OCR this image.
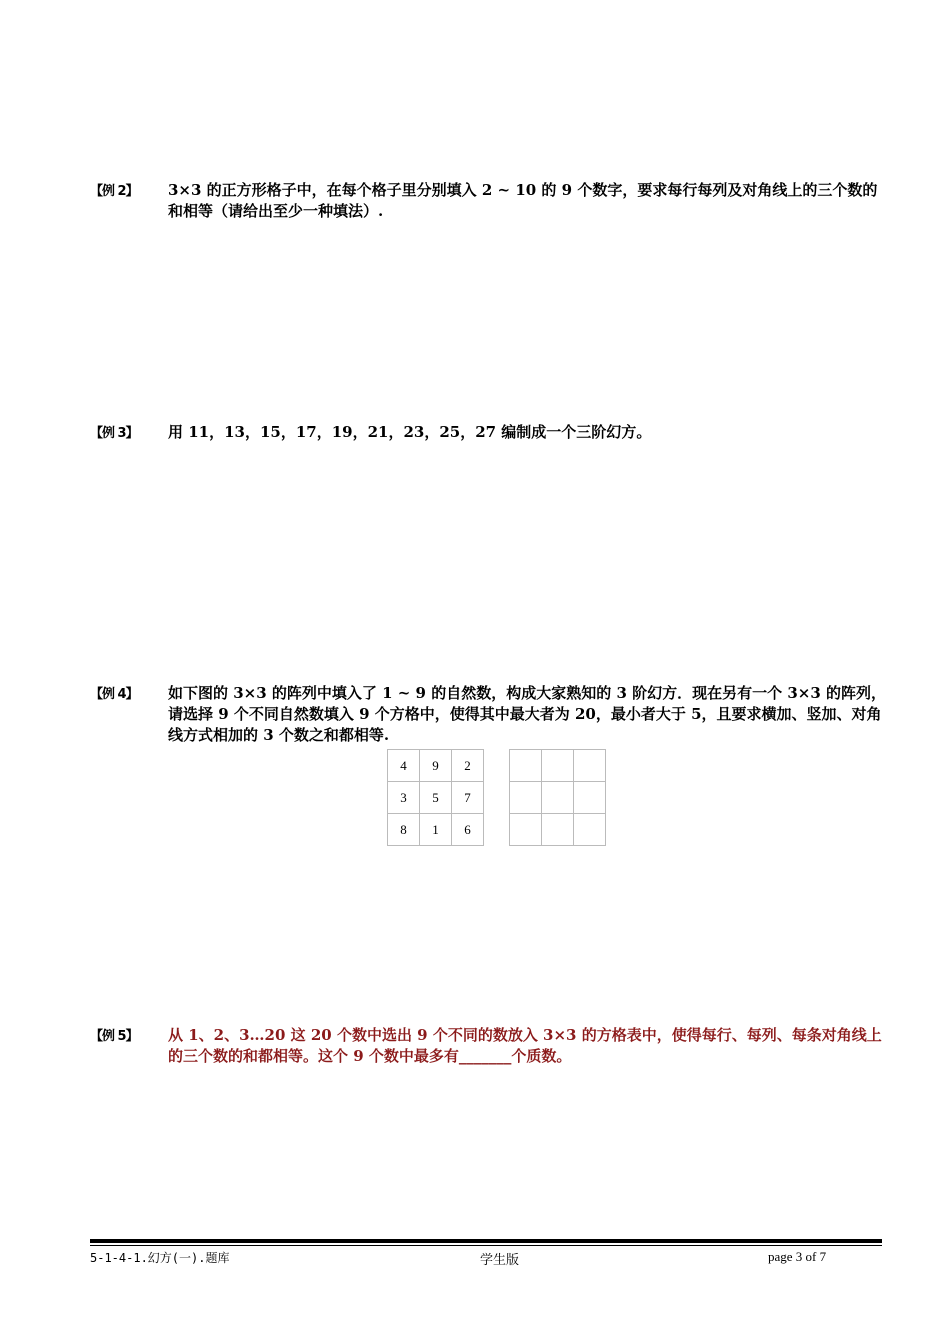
【例 2】 3×3 的正方形格子中，在每个格子里分别填入 2 ~ 10 的 9 个数字，要求每行每列及对角线上的三个数的和相等（请给出至少一种填法）.
【例 3】 用 11，13，15，17，19，21，23，25，27 编制成一个三阶幻方。
【例 4】 如下图的 3×3 的阵列中填入了 1 ~ 9 的自然数，构成大家熟知的 3 阶幻方．现在另有一个 3×3 的阵列，请选择 9 个不同自然数填入 9 个方格中，使得其中最大者为 20，最小者大于 5，且要求横加、竖加、对角线方式相加的 3 个数之和都相等.
4	9	2
3	5	7
8	1	6

【例 5】 从 1、2、3…20 这 20 个数中选出 9 个不同的数放入 3×3 的方格表中，使得每行、每列、每条对角线上的三个数的和都相等。这个 9 个数中最多有_______个质数。
5-1-4-1.幻方(一).题库	学生版	page 3 of 7
